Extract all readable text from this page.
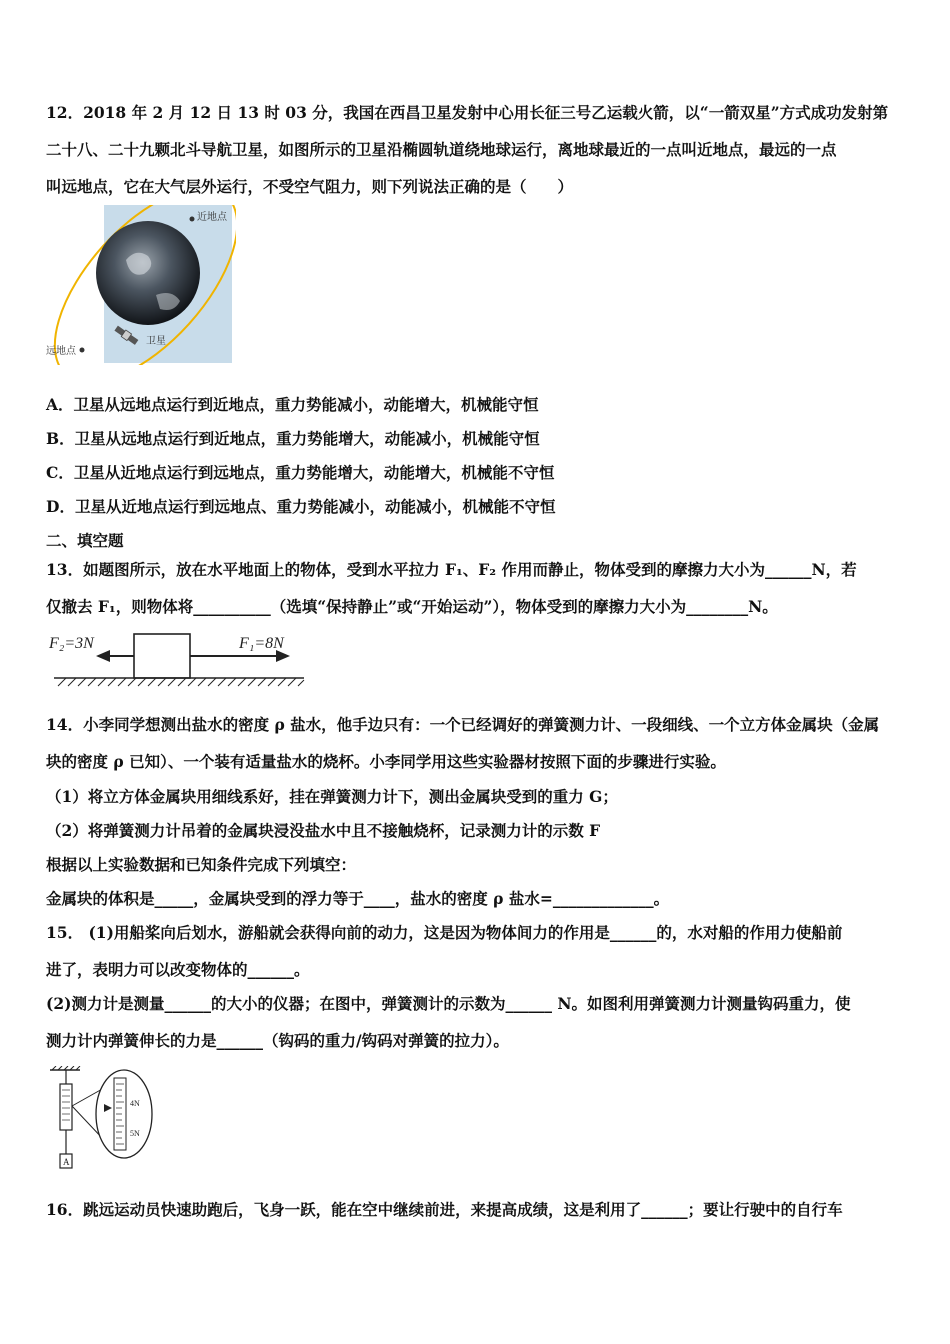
12．2018 年 2 月 12 日 13 时 03 分，我国在西昌卫星发射中心用长征三号乙运载火箭，以“一箭双星”方式成功发射第
二十八、二十九颗北斗导航卫星，如图所示的卫星沿椭圆轨道绕地球运行，离地球最近的一点叫近地点，最远的一点
叫远地点，它在大气层外运行，不受空气阻力，则下列说法正确的是（　　）
近地点
远地点
卫星
A．卫星从远地点运行到近地点，重力势能减小，动能增大，机械能守恒
B．卫星从远地点运行到近地点，重力势能增大，动能减小，机械能守恒
C．卫星从近地点运行到远地点，重力势能增大，动能增大，机械能不守恒
D．卫星从近地点运行到远地点、重力势能减小，动能减小，机械能不守恒
二、填空题
13．如题图所示，放在水平地面上的物体，受到水平拉力 F₁、F₂ 作用而静止，物体受到的摩擦力大小为______N，若
仅撤去 F₁，则物体将__________（选填“保持静止”或“开始运动”），物体受到的摩擦力大小为________N。
F₂=3N	F₁=8N
14．小李同学想测出盐水的密度 ρ 盐水，他手边只有：一个已经调好的弹簧测力计、一段细线、一个立方体金属块（金属
块的密度 ρ 已知）、一个装有适量盐水的烧杯。小李同学用这些实验器材按照下面的步骤进行实验。
（1）将立方体金属块用细线系好，挂在弹簧测力计下，测出金属块受到的重力 G；
（2）将弹簧测力计吊着的金属块浸没盐水中且不接触烧杯，记录测力计的示数 F
根据以上实验数据和已知条件完成下列填空：
金属块的体积是_____，金属块受到的浮力等于____，盐水的密度 ρ 盐水=_____________。
15． (1)用船桨向后划水，游船就会获得向前的动力，这是因为物体间力的作用是______的，水对船的作用力使船前
进了，表明力可以改变物体的______。
(2)测力计是测量______的大小的仪器；在图中，弹簧测计的示数为______ N。如图利用弹簧测力计测量钩码重力，使
测力计内弹簧伸长的力是______（钩码的重力/钩码对弹簧的拉力）。
A
4N
5N
16．跳远运动员快速助跑后，飞身一跃，能在空中继续前进，来提高成绩，这是利用了______；要让行驶中的自行车
